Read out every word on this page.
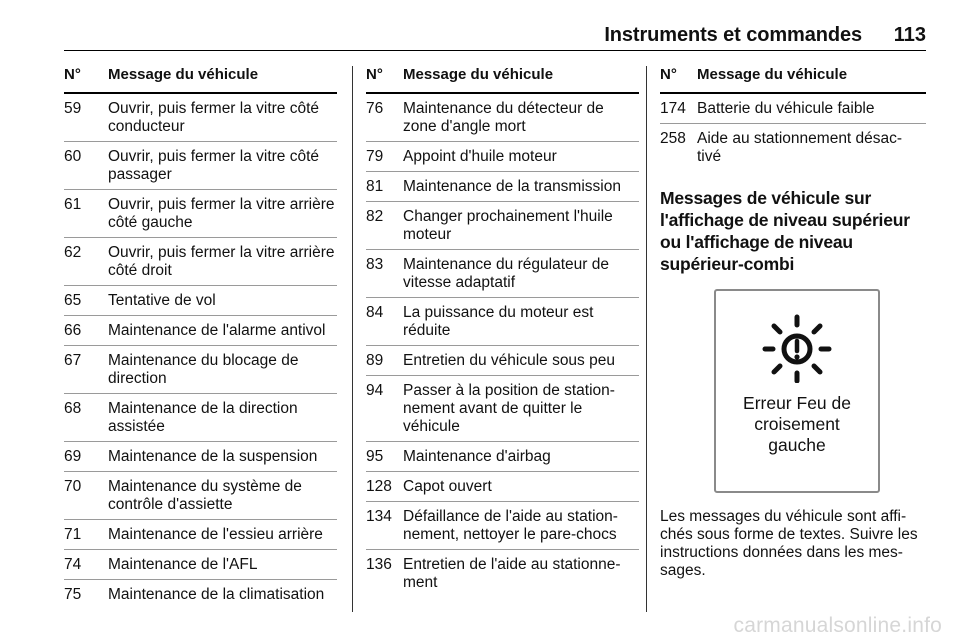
Instruments et commandes 113
N°	Message du véhicule
59	Ouvrir, puis fermer la vitre côté conducteur
60	Ouvrir, puis fermer la vitre côté passager
61	Ouvrir, puis fermer la vitre arrière côté gauche
62	Ouvrir, puis fermer la vitre arrière côté droit
65	Tentative de vol
66	Maintenance de l'alarme antivol
67	Maintenance du blocage de direction
68	Maintenance de la direction assistée
69	Maintenance de la suspension
70	Maintenance du système de contrôle d'assiette
71	Maintenance de l'essieu arrière
74	Maintenance de l'AFL
75	Maintenance de la climatisation
N°	Message du véhicule
76	Maintenance du détecteur de zone d'angle mort
79	Appoint d'huile moteur
81	Maintenance de la transmission
82	Changer prochainement l'huile moteur
83	Maintenance du régulateur de vitesse adaptatif
84	La puissance du moteur est réduite
89	Entretien du véhicule sous peu
94	Passer à la position de station-nement avant de quitter le véhicule
95	Maintenance d'airbag
128 Capot ouvert
134 Défaillance de l'aide au station-nement, nettoyer le pare-chocs
136 Entretien de l'aide au stationne-ment
N°	Message du véhicule
174 Batterie du véhicule faible
258 Aide au stationnement désac-tivé
Messages de véhicule sur l'affichage de niveau supérieur ou l'affichage de niveau supérieur-combi
Erreur Feu de
croisement
gauche
Les messages du véhicule sont affi-chés sous forme de textes. Suivre les instructions données dans les mes-sages.
carmanualsonline.info
